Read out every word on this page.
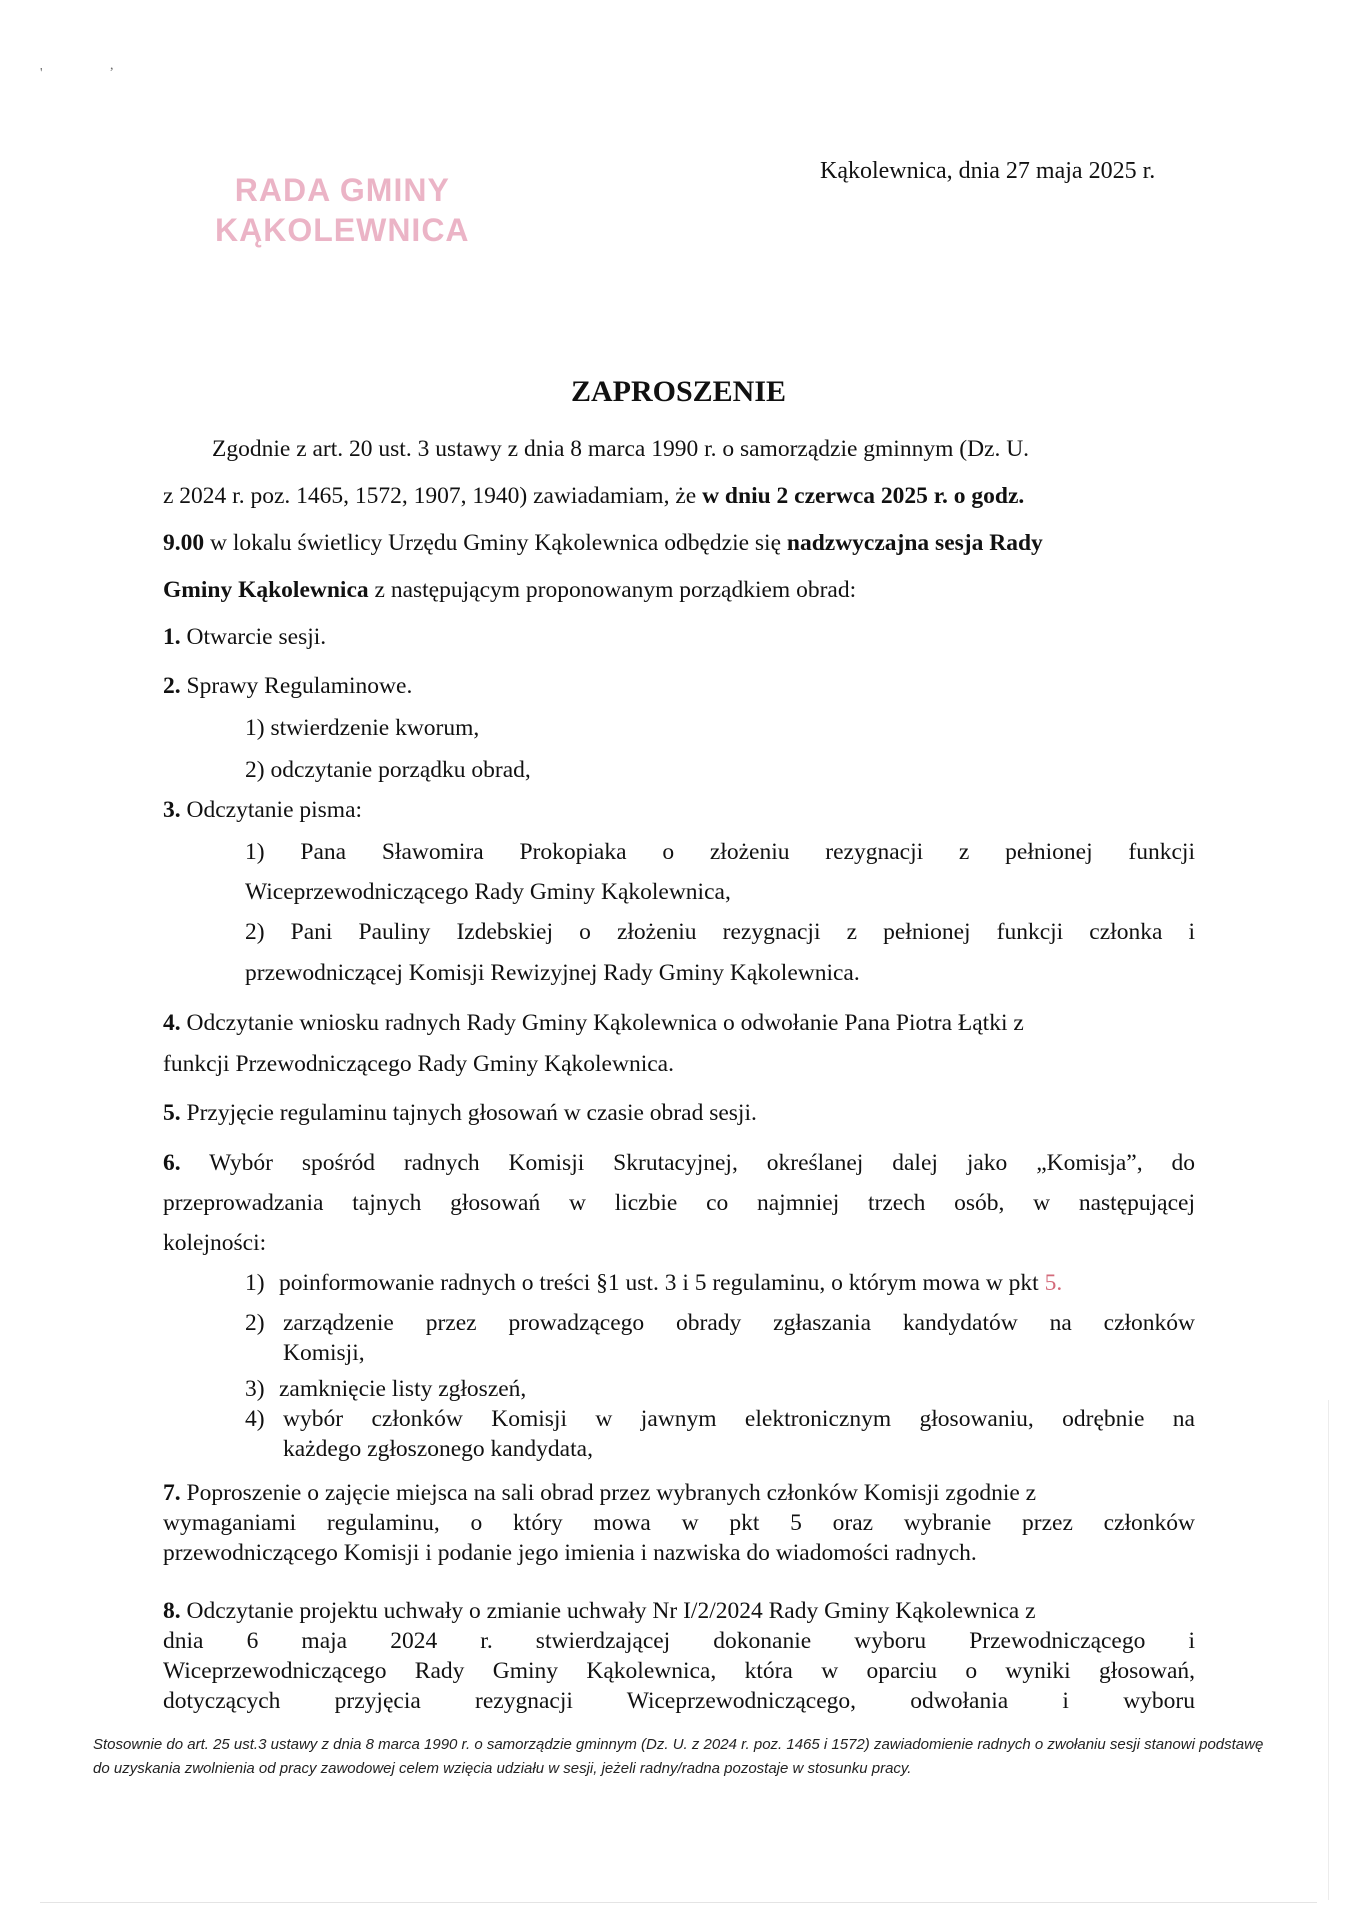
'
,
RADA GMINY
KĄKOLEWNICA
Kąkolewnica, dnia 27 maja 2025 r.
ZAPROSZENIE
Zgodnie z art. 20 ust. 3 ustawy z dnia 8 marca 1990 r. o samorządzie gminnym (Dz. U.
z 2024 r. poz. 1465, 1572, 1907, 1940) zawiadamiam, że w dniu 2 czerwca 2025 r. o godz.
9.00 w lokalu świetlicy Urzędu Gminy Kąkolewnica odbędzie się nadzwyczajna sesja Rady
Gminy Kąkolewnica z następującym proponowanym porządkiem obrad:
1. Otwarcie sesji.
2. Sprawy Regulaminowe.
1) stwierdzenie kworum,
2) odczytanie porządku obrad,
3. Odczytanie pisma:
1) Pana Sławomira Prokopiaka o złożeniu rezygnacji z pełnionej funkcji
Wiceprzewodniczącego Rady Gminy Kąkolewnica,
2) Pani Pauliny Izdebskiej o złożeniu rezygnacji z pełnionej funkcji członka i
przewodniczącej Komisji Rewizyjnej Rady Gminy Kąkolewnica.
4. Odczytanie wniosku radnych Rady Gminy Kąkolewnica o odwołanie Pana Piotra Łątki z
funkcji Przewodniczącego Rady Gminy Kąkolewnica.
5. Przyjęcie regulaminu tajnych głosowań w czasie obrad sesji.
6. Wybór spośród radnych Komisji Skrutacyjnej, określanej dalej jako „Komisja”, do
przeprowadzania tajnych głosowań w liczbie co najmniej trzech osób, w następującej
kolejności:
1) poinformowanie radnych o treści §1 ust. 3 i 5 regulaminu, o którym mowa w pkt 5.
2) zarządzenie przez prowadzącego obrady zgłaszania kandydatów na członków
Komisji,
3) zamknięcie listy zgłoszeń,
4) wybór członków Komisji w jawnym elektronicznym głosowaniu, odrębnie na
każdego zgłoszonego kandydata,
7. Poproszenie o zajęcie miejsca na sali obrad przez wybranych członków Komisji zgodnie z
wymaganiami regulaminu, o który mowa w pkt 5 oraz wybranie przez członków
przewodniczącego Komisji i podanie jego imienia i nazwiska do wiadomości radnych.
8. Odczytanie projektu uchwały o zmianie uchwały Nr I/2/2024 Rady Gminy Kąkolewnica z
dnia 6 maja 2024 r. stwierdzającej dokonanie wyboru Przewodniczącego i
Wiceprzewodniczącego Rady Gminy Kąkolewnica, która w oparciu o wyniki głosowań,
dotyczących przyjęcia rezygnacji Wiceprzewodniczącego, odwołania i wyboru
Stosownie do art. 25 ust.3 ustawy z dnia 8 marca 1990 r. o samorządzie gminnym (Dz. U. z 2024 r. poz. 1465 i 1572) zawiadomienie radnych o zwołaniu sesji stanowi podstawę do uzyskania zwolnienia od pracy zawodowej celem wzięcia udziału w sesji, jeżeli radny/radna pozostaje w stosunku pracy.
